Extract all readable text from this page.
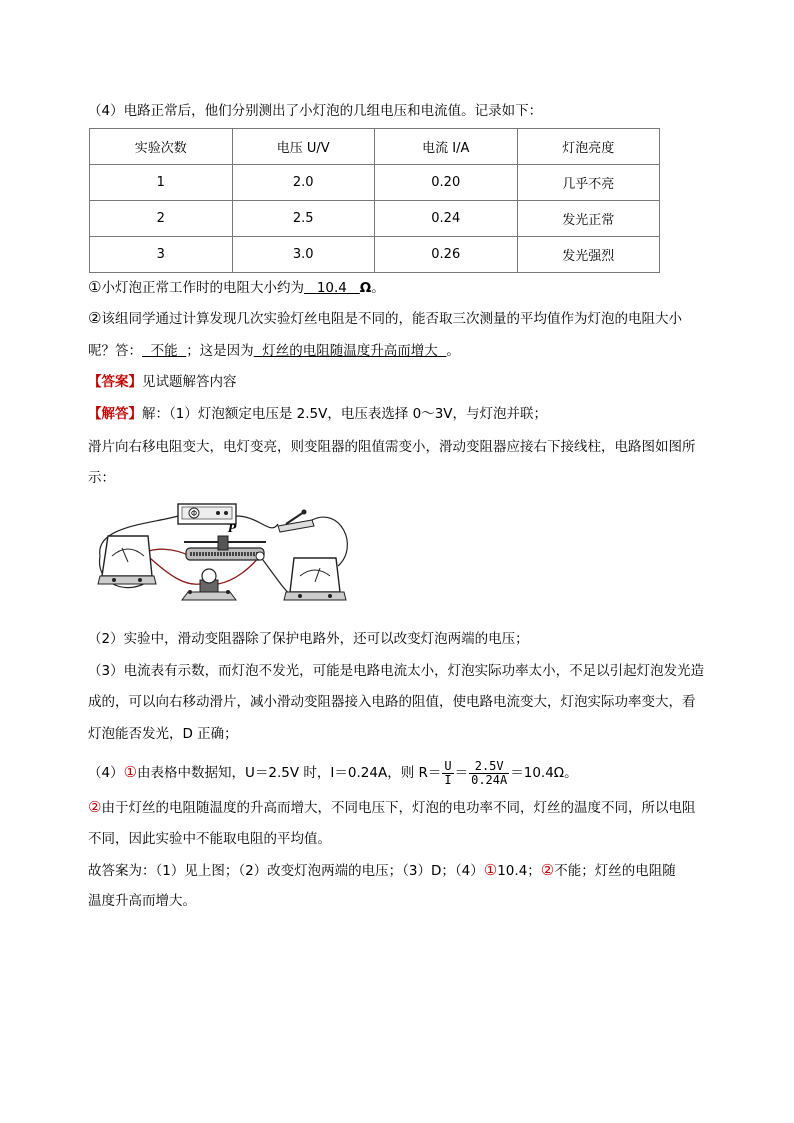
（4）电路正常后，他们分别测出了小灯泡的几组电压和电流值。记录如下：
实验次数	电压 U/V	电流 I/A	灯泡亮度
1	2.0	0.20	几乎不亮
2	2.5	0.24	发光正常
3	3.0	0.26	发光强烈
①小灯泡正常工作时的电阻大小约为 10.4 Ω。
②该组同学通过计算发现几次实验灯丝电阻是不同的，能否取三次测量的平均值作为灯泡的电阻大小
呢？答： 不能 ；这是因为 灯丝的电阻随温度升高而增大 。
【答案】见试题解答内容
【解答】解：（1）灯泡额定电压是 2.5V，电压表选择 0～3V，与灯泡并联；
滑片向右移电阻变大，电灯变亮，则变阻器的阻值需变小，滑动变阻器应接右下接线柱，电路图如图所
示：
Φ
P
（2）实验中，滑动变阻器除了保护电路外，还可以改变灯泡两端的电压；
（3）电流表有示数，而灯泡不发光，可能是电路电流太小，灯泡实际功率太小，不足以引起灯泡发光造
成的，可以向右移动滑片，减小滑动变阻器接入电路的阻值，使电路电流变大，灯泡实际功率变大，看
灯泡能否发光，D 正确；
（4）①由表格中数据知，U＝2.5V 时，I＝0.24A，则 $R= \frac{U}{I} = \frac{2.5V}{0.24A} =10.4\Omega$。
②由于灯丝的电阻随温度的升高而增大，不同电压下，灯泡的电功率不同，灯丝的温度不同，所以电阻
不同，因此实验中不能取电阻的平均值。
故答案为：（1）见上图；（2）改变灯泡两端的电压；（3）D；（4）①10.4；②不能；灯丝的电阻随
温度升高而增大。
